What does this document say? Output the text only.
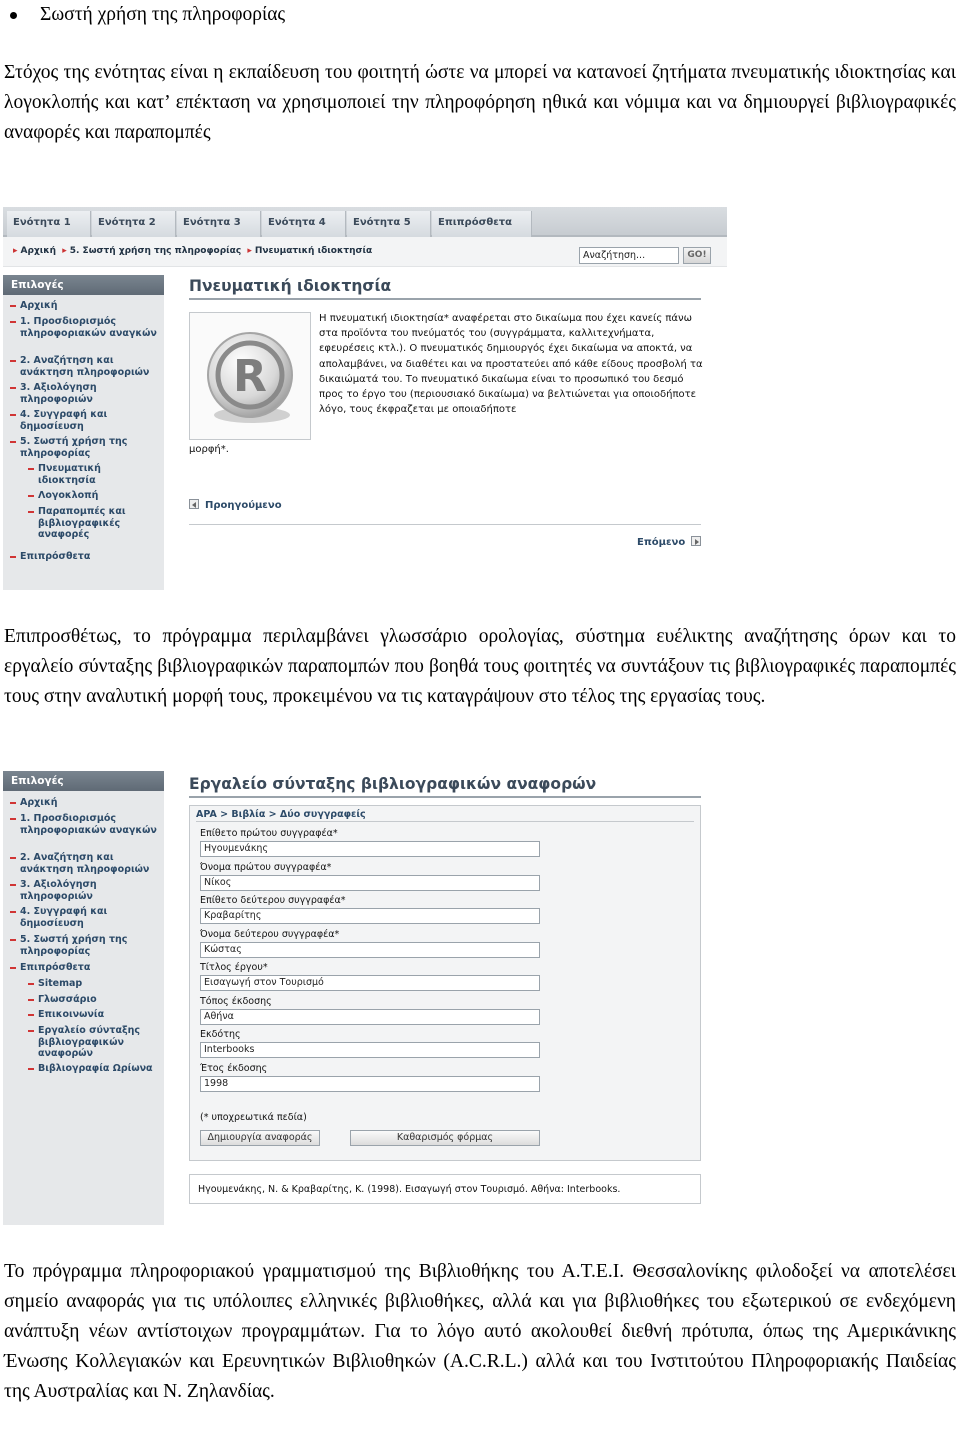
Σωστή χρήση της πληροφορίας
Στόχος της ενότητας είναι η εκπαίδευση του φοιτητή ώστε να μπορεί να κατανοεί ζητήματα πνευματικής ιδιοκτησίας και λογοκλοπής και κατ’ επέκταση να χρησιμοποιεί την πληροφόρηση ηθικά και νόμιμα και να δημιουργεί βιβλιογραφικές αναφορές και παραπομπές
Ενότητα 1	Ενότητα 2	Ενότητα 3	Ενότητα 4	Ενότητα 5	Επιπρόσθετα
▸ Αρχική ▸ 5. Σωστή χρήση της πληροφορίας ▸ Πνευματική ιδιοκτησία	Αναζήτηση...	GO!
Επιλογές
Αρχική
1. Προσδιορισμός πληροφοριακών αναγκών
2. Αναζήτηση και ανάκτηση πληροφοριών
3. Αξιολόγηση πληροφοριών
4. Συγγραφή και δημοσίευση
5. Σωστή χρήση της πληροφορίας
Πνευματική ιδιοκτησία
Λογοκλοπή
Παραπομπές και βιβλιογραφικές αναφορές
Επιπρόσθετα
Πνευματική ιδιοκτησία
R
Η πνευματική ιδιοκτησία* αναφέρεται στο δικαίωμα που έχει κανείς πάνω στα προϊόντα του πνεύματός του (συγγράμματα, καλλιτεχνήματα, εφευρέσεις κτλ.). Ο πνευματικός δημιουργός έχει δικαίωμα να αποκτά, να απολαμβάνει, να διαθέτει και να προστατεύει από κάθε είδους προσβολή τα δικαιώματά του. Το πνευματικό δικαίωμα είναι το προσωπικό του δεσμό προς το έργο του (περιουσιακό δικαίωμα) να βελτιώνεται για οποιοδήποτε λόγο, τους έκφραζεται με οποιαδήποτε
μορφή*.
Προηγούμενο
Επόμενο
Επιπροσθέτως, το πρόγραμμα περιλαμβάνει γλωσσάριο ορολογίας, σύστημα ευέλικτης αναζήτησης όρων και το εργαλείο σύνταξης βιβλιογραφικών παραπομπών που βοηθά τους φοιτητές να συντάξουν τις βιβλιογραφικές παραπομπές τους στην αναλυτική μορφή τους, προκειμένου να τις καταγράψουν στο τέλος της εργασίας τους.
Επιλογές
Αρχική
1. Προσδιορισμός πληροφοριακών αναγκών
2. Αναζήτηση και ανάκτηση πληροφοριών
3. Αξιολόγηση πληροφοριών
4. Συγγραφή και δημοσίευση
5. Σωστή χρήση της πληροφορίας
Επιπρόσθετα
Sitemap
Γλωσσάριο
Επικοινωνία
Εργαλείο σύνταξης βιβλιογραφικών αναφορών
Βιβλιογραφία Ωρίωνα
Εργαλείο σύνταξης βιβλιογραφικών αναφορών
APA > Βιβλία > Δύο συγγραφείς
Επίθετο πρώτου συγγραφέα*
Ηγουμενάκης
Όνομα πρώτου συγγραφέα*
Νίκος
Επίθετο δεύτερου συγγραφέα*
Κραβαρίτης
Όνομα δεύτερου συγγραφέα*
Κώστας
Τίτλος έργου*
Εισαγωγή στον Τουρισμό
Τόπος έκδοσης
Αθήνα
Εκδότης
Interbooks
Έτος έκδοσης
1998
(* υποχρεωτικά πεδία)
Δημιουργία αναφοράς	Καθαρισμός φόρμας
Ηγουμενάκης, Ν. & Κραβαρίτης, Κ. (1998). Εισαγωγή στον Τουρισμό. Αθήνα: Interbooks.
Το πρόγραμμα πληροφοριακού γραμματισμού της Βιβλιοθήκης του Α.Τ.Ε.Ι. Θεσσαλονίκης φιλοδοξεί να αποτελέσει σημείο αναφοράς για τις υπόλοιπες ελληνικές βιβλιοθήκες, αλλά και για βιβλιοθήκες του εξωτερικού σε ενδεχόμενη ανάπτυξη νέων αντίστοιχων προγραμμάτων. Για το λόγο αυτό ακολουθεί διεθνή πρότυπα, όπως της Αμερικάνικης Ένωσης Κολλεγιακών και Ερευνητικών Βιβλιοθηκών (A.C.R.L.) αλλά και του Ινστιτούτου Πληροφοριακής Παιδείας της Αυστραλίας και Ν. Ζηλανδίας.
